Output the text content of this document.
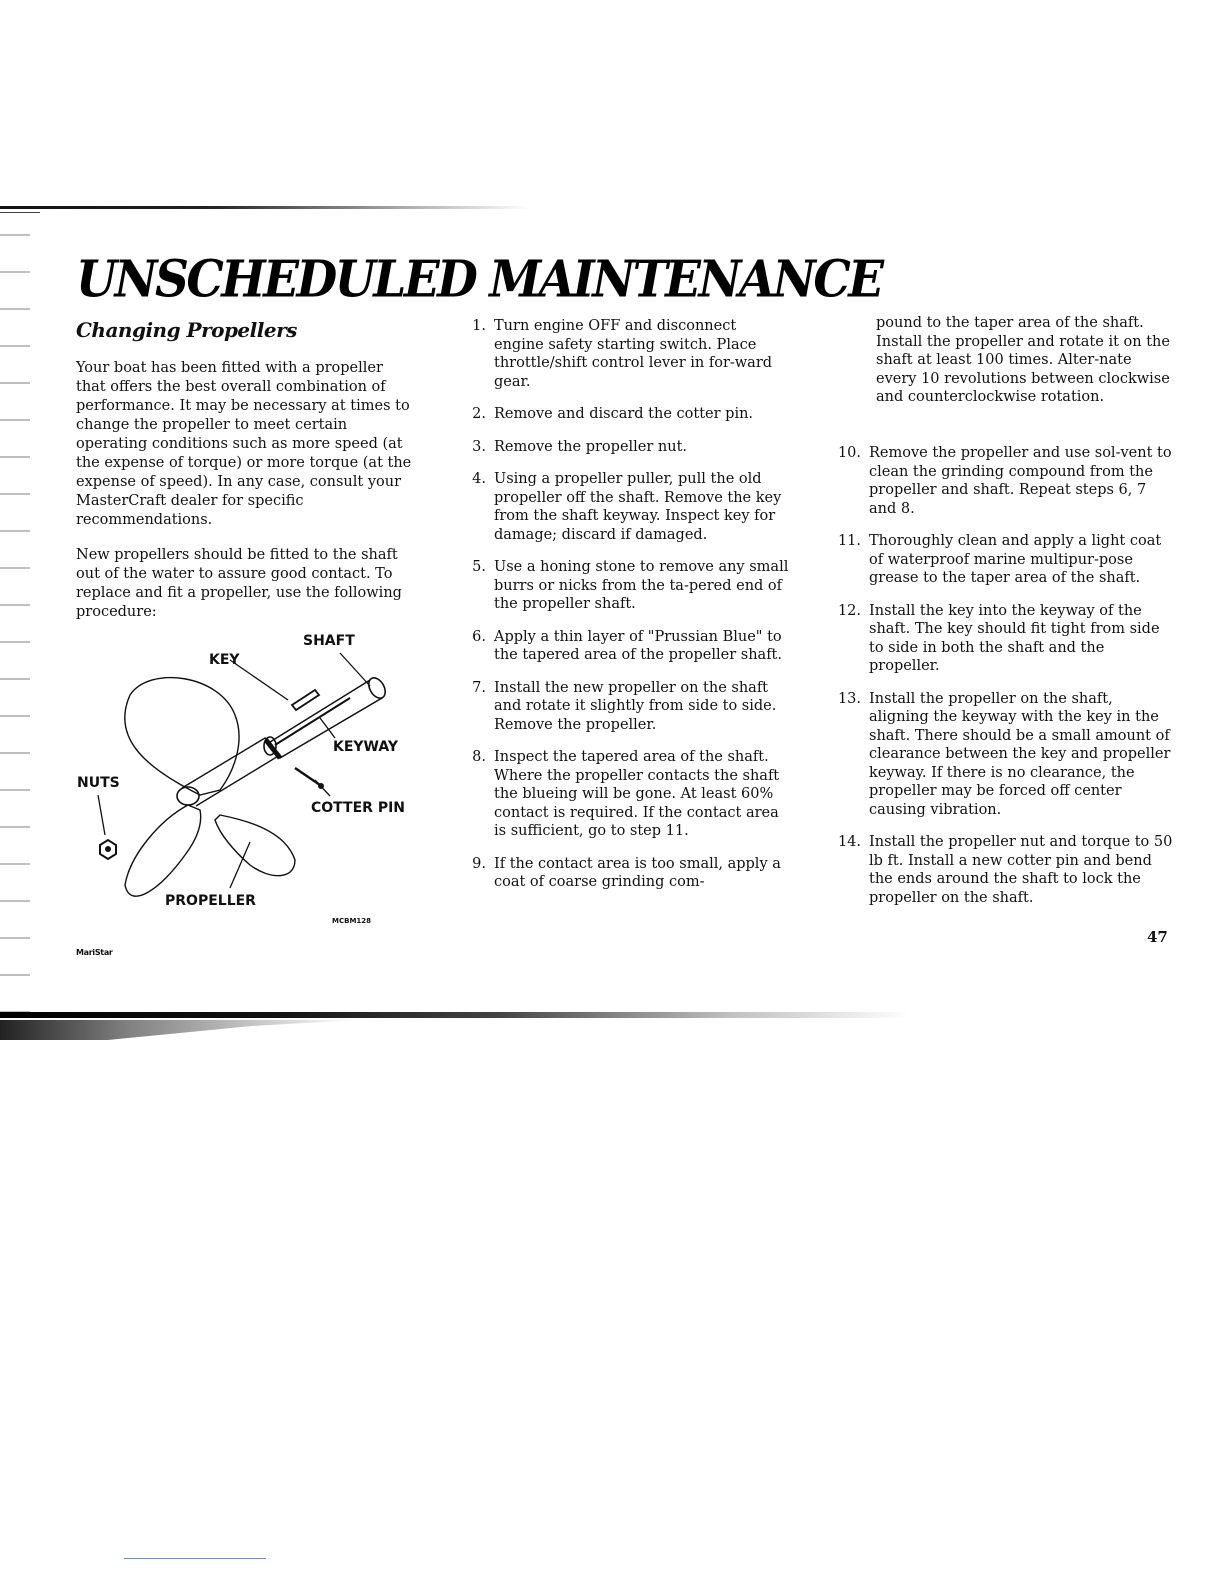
UNSCHEDULED MAINTENANCE
Changing Propellers

Your boat has been fitted with a propeller that offers the best overall combination of performance. It may be necessary at times to change the propeller to meet certain operating conditions such as more speed (at the expense of torque) or more torque (at the expense of speed). In any case, consult your MasterCraft dealer for specific recommendations.

New propellers should be fitted to the shaft out of the water to assure good contact. To replace and fit a propeller, use the following procedure:

SHAFT
KEY
KEYWAY
NUTS
COTTER PIN
PROPELLER
MCBM128
1. Turn engine OFF and disconnect engine safety starting switch. Place throttle/shift control lever in for-ward gear.
2. Remove and discard the cotter pin.
3. Remove the propeller nut.
4. Using a propeller puller, pull the old propeller off the shaft. Remove the key from the shaft keyway. Inspect key for damage; discard if damaged.
5. Use a honing stone to remove any small burrs or nicks from the ta-pered end of the propeller shaft.
6. Apply a thin layer of "Prussian Blue" to the tapered area of the propeller shaft.
7. Install the new propeller on the shaft and rotate it slightly from side to side. Remove the propeller.
8. Inspect the tapered area of the shaft. Where the propeller contacts the shaft the blueing will be gone. At least 60% contact is required. If the contact area is sufficient, go to step 11.
9. If the contact area is too small, apply a coat of coarse grinding com-

pound to the taper area of the shaft. Install the propeller and rotate it on the shaft at least 100 times. Alter-nate every 10 revolutions between clockwise and counterclockwise rotation.

10. Remove the propeller and use sol-vent to clean the grinding compound from the propeller and shaft. Repeat steps 6, 7 and 8.
11. Thoroughly clean and apply a light coat of waterproof marine multipur-pose grease to the taper area of the shaft.
12. Install the key into the keyway of the shaft. The key should fit tight from side to side in both the shaft and the propeller.
13. Install the propeller on the shaft, aligning the keyway with the key in the shaft. There should be a small amount of clearance between the key and propeller keyway. If there is no clearance, the propeller may be forced off center causing vibration.
14. Install the propeller nut and torque to 50 lb ft. Install a new cotter pin and bend the ends around the shaft to lock the propeller on the shaft.

47

MariStar
